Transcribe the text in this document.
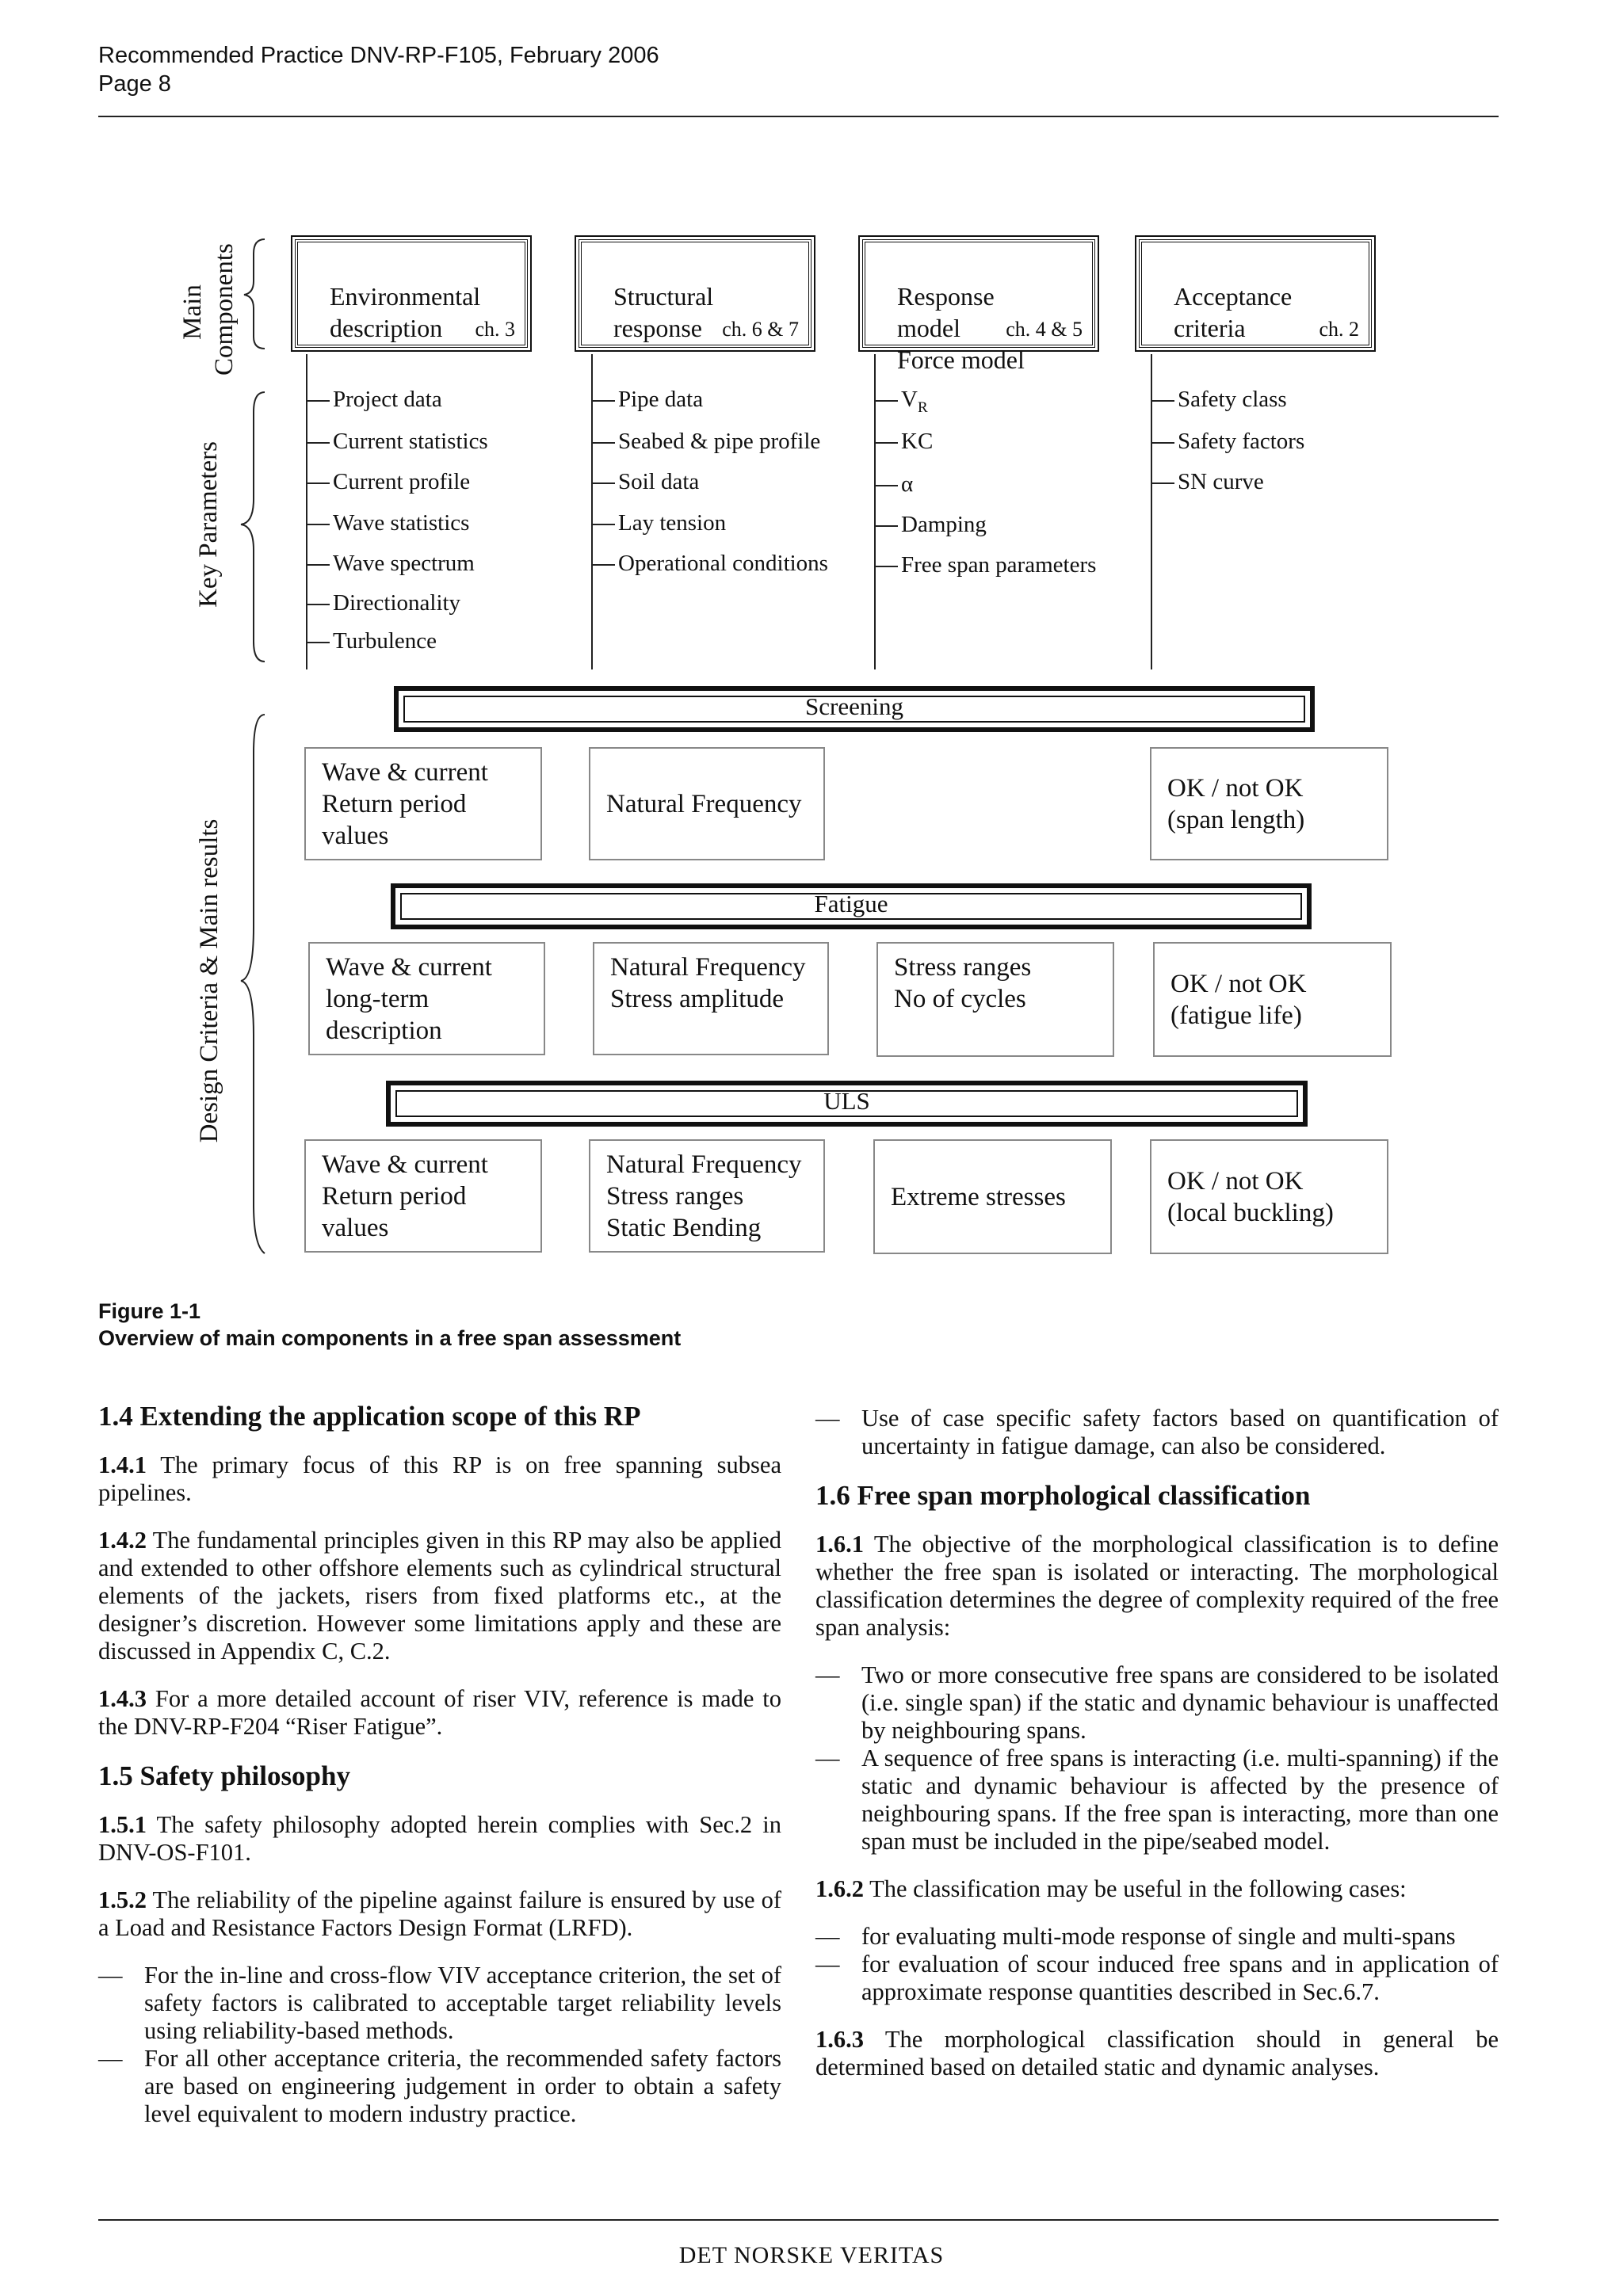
Recommended Practice DNV-RP-F105, February 2006
Page 8
Main
Components
Key Parameters
Design Criteria & Main results

Environmental
description ch. 3

Structural
response ch. 6 & 7

Response model
Force model

ch. 4 & 5

Acceptance
criteria	ch. 2

Project data
Current statistics
Current profile
Wave statistics
Wave spectrum
Directionality
Turbulence
Pipe data
Seabed & pipe profile
Soil data
Lay tension
Operational conditions
$V_R$
KC
α
Damping
Free span parameters
Safety class
Safety factors
SN curve
Screening
Wave & current
Return period
values
Natural Frequency
OK / not OK
(span length)
Fatigue
Wave & current
long-term
description
Natural Frequency
Stress amplitude
Stress ranges
No of cycles
OK / not OK
(fatigue life)
ULS
Wave & current
Return period
values
Natural Frequency
Stress ranges
Static Bending
Extreme stresses
OK / not OK
(local buckling)
Figure 1-1
Overview of main components in a free span assessment
1.4 Extending the application scope of this RP

1.4.1 The primary focus of this RP is on free spanning subsea pipelines.

1.4.2 The fundamental principles given in this RP may also be applied and extended to other offshore elements such as cylindrical structural elements of the jackets, risers from fixed platforms etc., at the designer’s discretion. However some limitations apply and these are discussed in Appendix C, C.2.

1.4.3 For a more detailed account of riser VIV, reference is made to the DNV-RP-F204 “Riser Fatigue”.

1.5 Safety philosophy

1.5.1 The safety philosophy adopted herein complies with Sec.2 in DNV-OS-F101.

1.5.2 The reliability of the pipeline against failure is ensured by use of a Load and Resistance Factors Design Format (LRFD).

— For the in-line and cross-flow VIV acceptance criterion, the set of safety factors is calibrated to acceptable target reliability levels using reliability-based methods.
— For all other acceptance criteria, the recommended safety factors are based on engineering judgement in order to obtain a safety level equivalent to modern industry practice.
— Use of case specific safety factors based on quantification of uncertainty in fatigue damage, can also be considered.
1.6 Free span morphological classification

1.6.1 The objective of the morphological classification is to define whether the free span is isolated or interacting. The morphological classification determines the degree of complexity required of the free span analysis:

— Two or more consecutive free spans are considered to be isolated (i.e. single span) if the static and dynamic behaviour is unaffected by neighbouring spans.
— A sequence of free spans is interacting (i.e. multi-spanning) if the static and dynamic behaviour is affected by the presence of neighbouring spans. If the free span is interacting, more than one span must be included in the pipe/seabed model.

1.6.2 The classification may be useful in the following cases:

— for evaluating multi-mode response of single and multi-spans
— for evaluation of scour induced free spans and in application of approximate response quantities described in Sec.6.7.

1.6.3 The morphological classification should in general be determined based on detailed static and dynamic analyses.

DET NORSKE VERITAS
